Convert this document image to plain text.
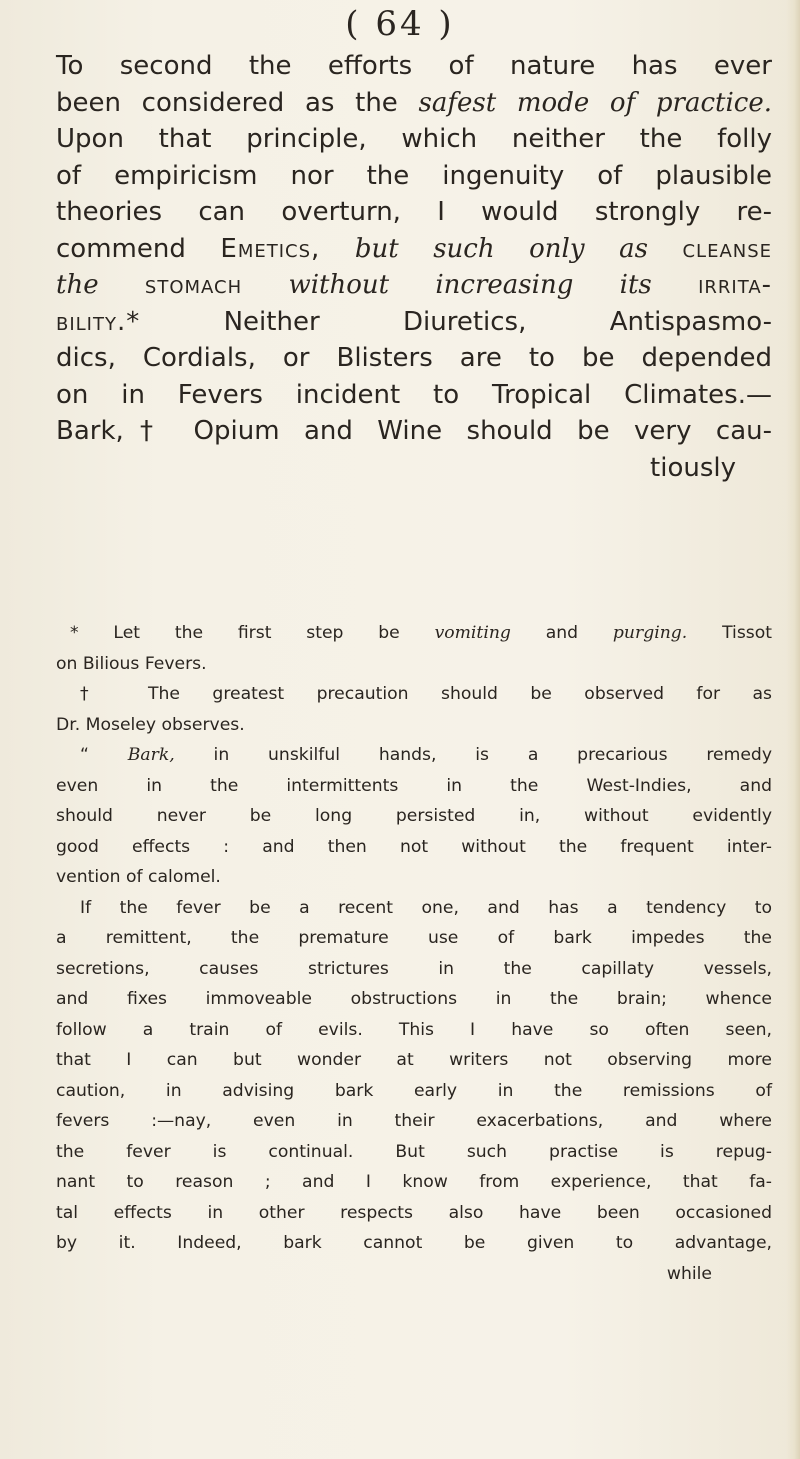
( 64 )
To second the efforts of nature has ever
been considered as the safest mode of practice.
Upon that principle, which neither the folly
of empiricism nor the ingenuity of plausible
theories can overturn, I would strongly re-
commend Emetics, but such only as cleanse
the stomach without increasing its irrita-
bility.*	Neither Diuretics, Antispasmo-
dics, Cordials, or Blisters are to be depended
on in Fevers incident to Tropical Climates.—
Bark,† Opium and Wine should be very cau-
tiously
* Let the first step be vomiting and purging. Tissot
on Bilious Fevers.
† The greatest precaution should be observed for as
Dr. Moseley observes.
“ Bark, in unskilful hands, is a precarious remedy
even in the intermittents in the West-Indies, and
should never be long persisted in, without evidently
good effects : and then not without the frequent inter-
vention of calomel.
If the fever be a recent one, and has a tendency to
a remittent, the premature use of bark impedes the
secretions, causes strictures in the capillaty vessels,
and fixes immoveable obstructions in the brain; whence
follow a train of evils. This I have so often seen,
that I can but wonder at writers not observing more
caution, in advising bark early in the remissions of
fevers :—nay, even in their exacerbations, and where
the fever is continual. But such practise is repug-
nant to reason ; and I know from experience, that fa-
tal effects in other respects also have been occasioned
by it. Indeed, bark cannot be given to advantage,
while
